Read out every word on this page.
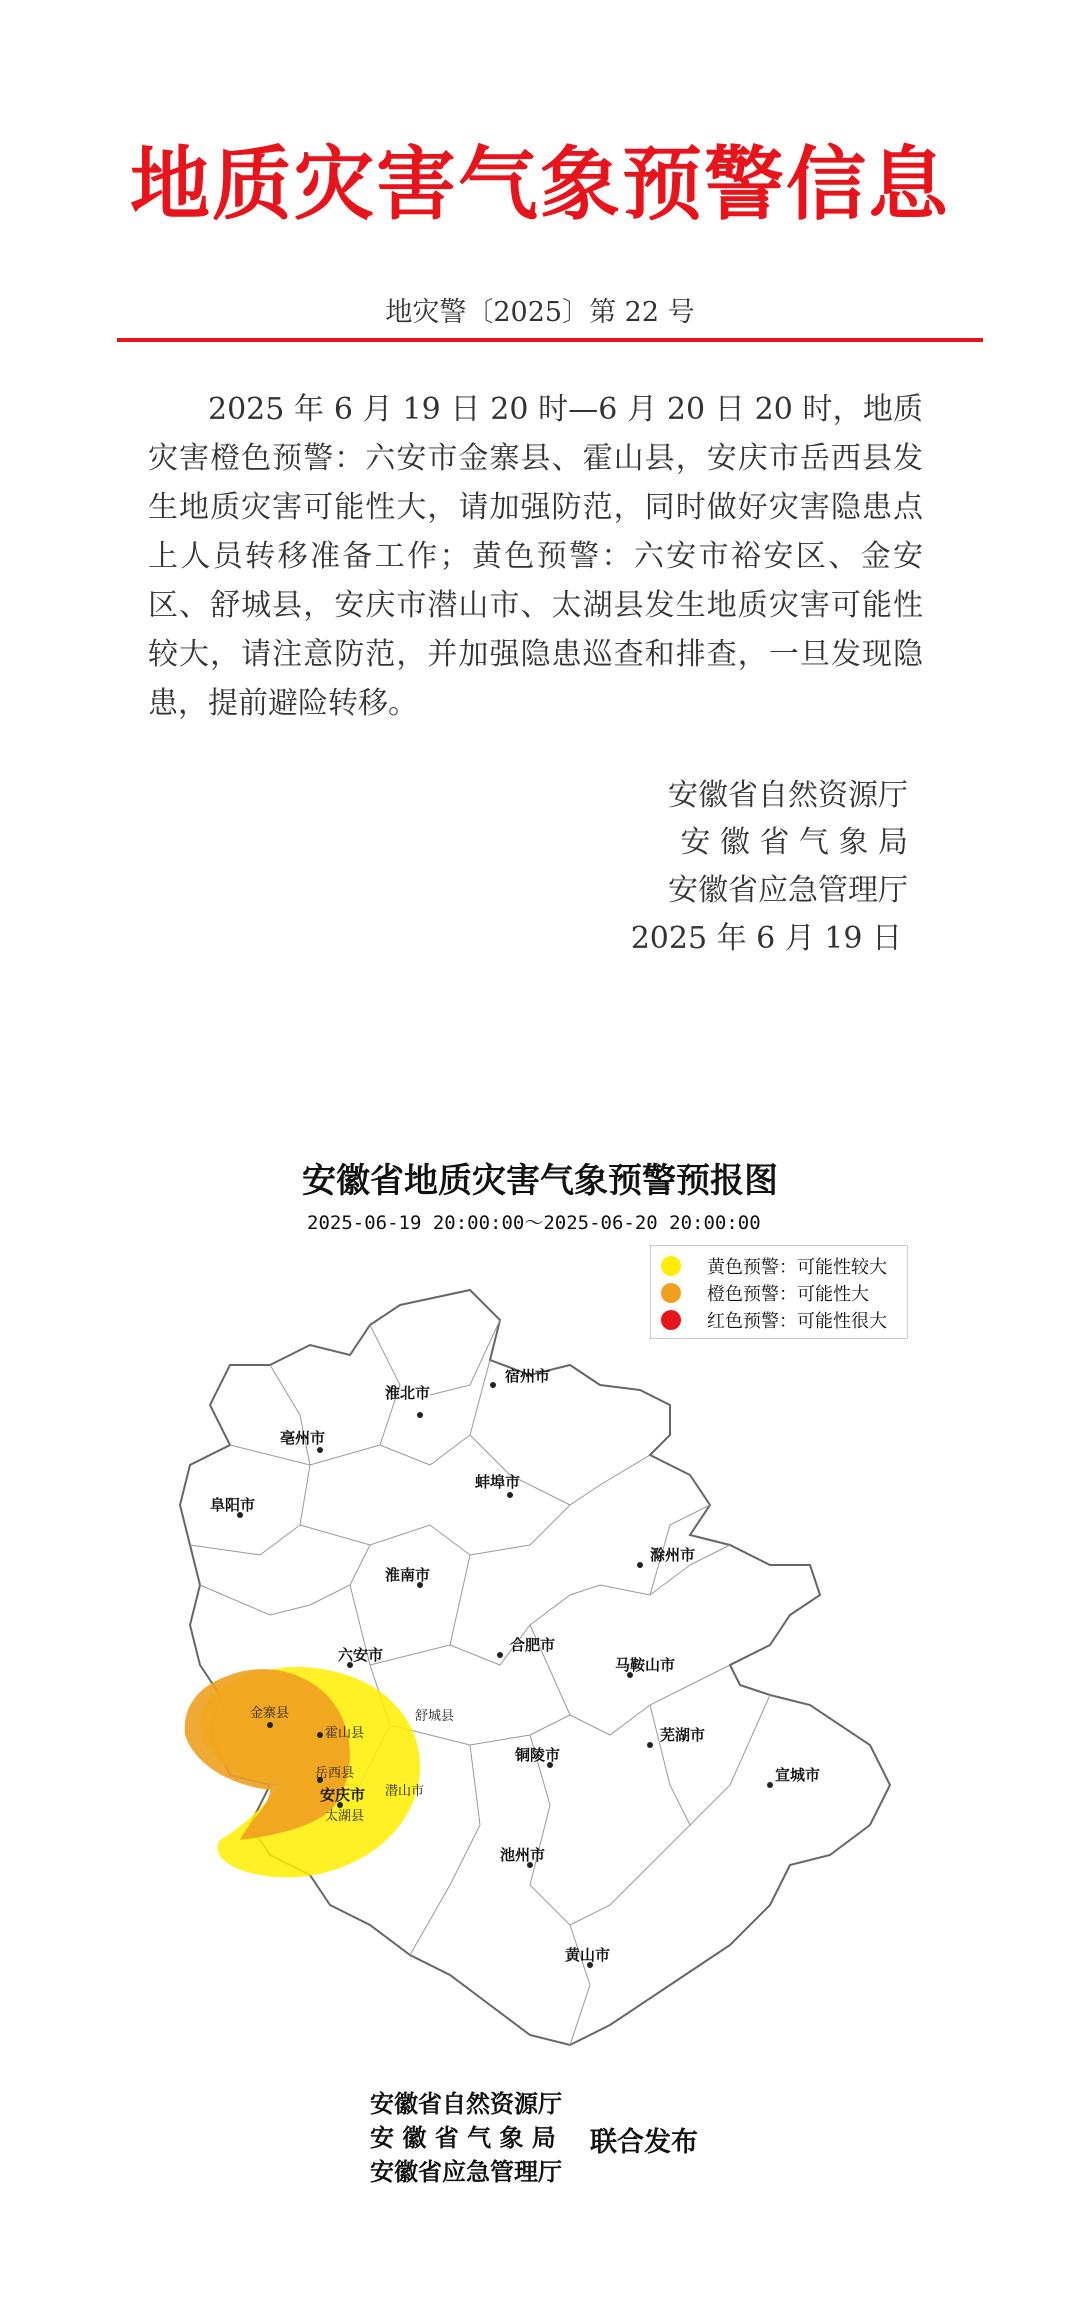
地质灾害气象预警信息
地灾警〔2025〕第 22 号
2025 年 6 月 19 日 20 时—6 月 20 日 20 时，地质灾害橙色预警：六安市金寨县、霍山县，安庆市岳西县发生地质灾害可能性大，请加强防范，同时做好灾害隐患点上人员转移准备工作；黄色预警：六安市裕安区、金安区、舒城县，安庆市潜山市、太湖县发生地质灾害可能性较大，请注意防范，并加强隐患巡查和排查，一旦发现隐患，提前避险转移。
安徽省自然资源厅
安 徽 省 气 象 局
安徽省应急管理厅
2025 年 6 月 19 日
安徽省地质灾害气象预警预报图
2025-06-19 20:00:00～2025-06-20 20:00:00
黄色预警：可能性较大
橙色预警：可能性大
红色预警：可能性很大
宿州市
淮北市
亳州市
阜阳市
蚌埠市
淮南市
滁州市
六安市
合肥市
马鞍山市
芜湖市
宣城市
铜陵市
安庆市
池州市
黄山市
金寨县
霍山县
岳西县
舒城县
潜山市
太湖县
安徽省自然资源厅
安 徽 省 气 象 局
安徽省应急管理厅
联合发布
